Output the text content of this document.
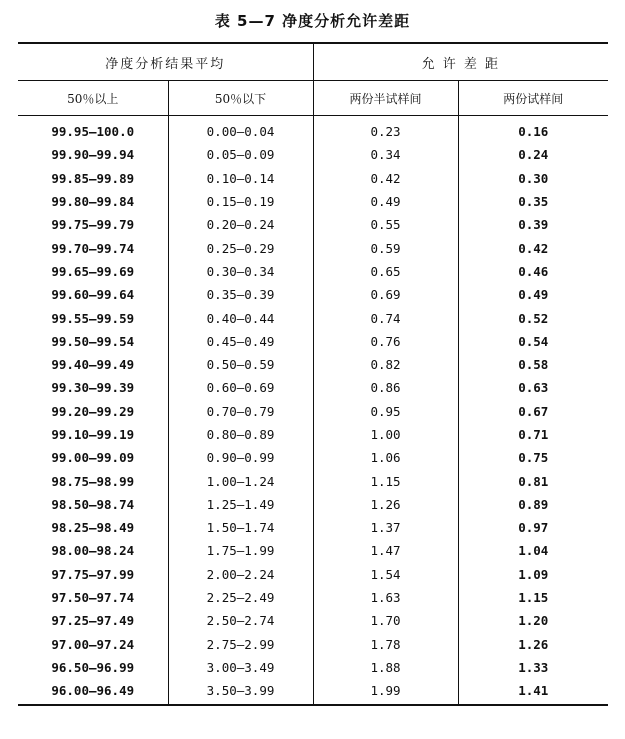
表 5—7 净度分析允许差距
净度分析结果平均		允 许 差 距	
50％以上	50％以下	两份半试样间	两份试样间
99.95—100.0	0.00—0.04	0.23	0.16
99.90—99.94	0.05—0.09	0.34	0.24
99.85—99.89	0.10—0.14	0.42	0.30
99.80—99.84	0.15—0.19	0.49	0.35
99.75—99.79	0.20—0.24	0.55	0.39
99.70—99.74	0.25—0.29	0.59	0.42
99.65—99.69	0.30—0.34	0.65	0.46
99.60—99.64	0.35—0.39	0.69	0.49
99.55—99.59	0.40—0.44	0.74	0.52
99.50—99.54	0.45—0.49	0.76	0.54
99.40—99.49	0.50—0.59	0.82	0.58
99.30—99.39	0.60—0.69	0.86	0.63
99.20—99.29	0.70—0.79	0.95	0.67
99.10—99.19	0.80—0.89	1.00	0.71
99.00—99.09	0.90—0.99	1.06	0.75
98.75—98.99	1.00—1.24	1.15	0.81
98.50—98.74	1.25—1.49	1.26	0.89
98.25—98.49	1.50—1.74	1.37	0.97
98.00—98.24	1.75—1.99	1.47	1.04
97.75—97.99	2.00—2.24	1.54	1.09
97.50—97.74	2.25—2.49	1.63	1.15
97.25—97.49	2.50—2.74	1.70	1.20
97.00—97.24	2.75—2.99	1.78	1.26
96.50—96.99	3.00—3.49	1.88	1.33
96.00—96.49	3.50—3.99	1.99	1.41
